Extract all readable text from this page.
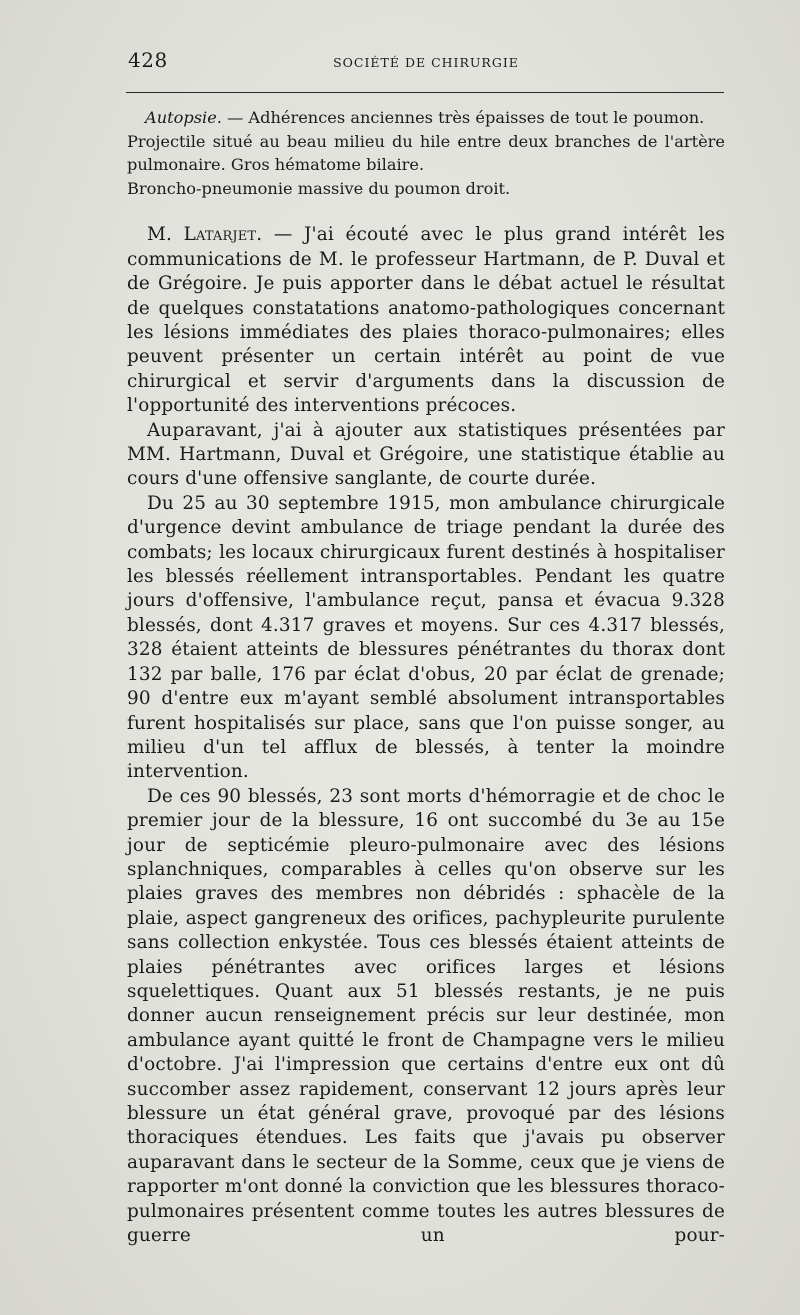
428	SOCIÉTÉ DE CHIRURGIE

Autopsie. — Adhérences anciennes très épaisses de tout le poumon.

Projectile situé au beau milieu du hile entre deux branches de l'artère pulmonaire. Gros hématome bilaire.

Broncho-pneumonie massive du poumon droit.

M. Latarjet. — J'ai écouté avec le plus grand intérêt les communications de M. le professeur Hartmann, de P. Duval et de Grégoire. Je puis apporter dans le débat actuel le résultat de quelques constatations anatomo-pathologiques concernant les lésions immédiates des plaies thoraco-pulmonaires; elles peuvent présenter un certain intérêt au point de vue chirurgical et servir d'arguments dans la discussion de l'opportunité des interventions précoces.

Auparavant, j'ai à ajouter aux statistiques présentées par MM. Hartmann, Duval et Grégoire, une statistique établie au cours d'une offensive sanglante, de courte durée.

Du 25 au 30 septembre 1915, mon ambulance chirurgicale d'urgence devint ambulance de triage pendant la durée des combats; les locaux chirurgicaux furent destinés à hospitaliser les blessés réellement intransportables. Pendant les quatre jours d'offensive, l'ambulance reçut, pansa et évacua 9.328 blessés, dont 4.317 graves et moyens. Sur ces 4.317 blessés, 328 étaient atteints de blessures pénétrantes du thorax dont 132 par balle, 176 par éclat d'obus, 20 par éclat de grenade; 90 d'entre eux m'ayant semblé absolument intransportables furent hospitalisés sur place, sans que l'on puisse songer, au milieu d'un tel afflux de blessés, à tenter la moindre intervention.

De ces 90 blessés, 23 sont morts d'hémorragie et de choc le premier jour de la blessure, 16 ont succombé du 3e au 15e jour de septicémie pleuro-pulmonaire avec des lésions splanchniques, comparables à celles qu'on observe sur les plaies graves des membres non débridés : sphacèle de la plaie, aspect gangreneux des orifices, pachypleurite purulente sans collection enkystée. Tous ces blessés étaient atteints de plaies pénétrantes avec orifices larges et lésions squelettiques. Quant aux 51 blessés restants, je ne puis donner aucun renseignement précis sur leur destinée, mon ambulance ayant quitté le front de Champagne vers le milieu d'octobre. J'ai l'impression que certains d'entre eux ont dû succomber assez rapidement, conservant 12 jours après leur blessure un état général grave, provoqué par des lésions thoraciques étendues. Les faits que j'avais pu observer auparavant dans le secteur de la Somme, ceux que je viens de rapporter m'ont donné la conviction que les blessures thoraco-pulmonaires présentent comme toutes les autres blessures de guerre un pour-
